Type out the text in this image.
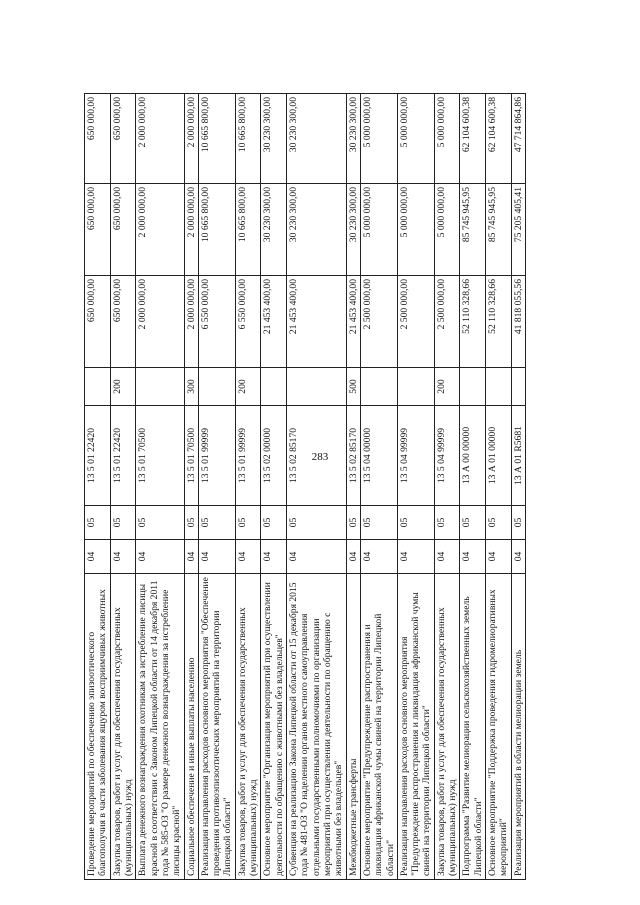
283
Проведение мероприятий по обеспечению эпизоотического благополучия в части заболевания ящуром восприимчивых животных	04	05	13 5 01 22420		650 000,00	650 000,00	650 000,00
Закупка товаров, работ и услуг для обеспечения государственных (муниципальных) нужд	04	05	13 5 01 22420	200	650 000,00	650 000,00	650 000,00
Выплата денежного вознаграждения охотникам за истребление лисицы красной в соответствии с Законом Липецкой области от 14 декабря 2011 года № 585-ОЗ "О размере денежного вознаграждения за истребление лисицы красной"	04	05	13 5 01 70500		2 000 000,00	2 000 000,00	2 000 000,00
Социальное обеспечение и иные выплаты населению	04	05	13 5 01 70500	300	2 000 000,00	2 000 000,00	2 000 000,00
Реализация направления расходов основного мероприятия "Обеспечение проведения противоэпизоотических мероприятий на территории Липецкой области"	04	05	13 5 01 99999		6 550 000,00	10 665 800,00	10 665 800,00
Закупка товаров, работ и услуг для обеспечения государственных (муниципальных) нужд	04	05	13 5 01 99999	200	6 550 000,00	10 665 800,00	10 665 800,00
Основное мероприятие "Организация мероприятий при осуществлении деятельности по обращению с животными без владельцев"	04	05	13 5 02 00000		21 453 400,00	30 230 300,00	30 230 300,00
Субвенция на реализацию Закона Липецкой области от 15 декабря 2015 года № 481-ОЗ "О наделении органов местного самоуправления отдельными государственными полномочиями по организации мероприятий при осуществлении деятельности по обращению с животными без владельцев"	04	05	13 5 02 85170		21 453 400,00	30 230 300,00	30 230 300,00
Межбюджетные трансферты	04	05	13 5 02 85170	500	21 453 400,00	30 230 300,00	30 230 300,00
Основное мероприятие "Предупреждение распространения и ликвидация африканской чумы свиней на территории Липецкой области"	04	05	13 5 04 00000		2 500 000,00	5 000 000,00	5 000 000,00
Реализация направления расходов основного мероприятия "Предупреждение распространения и ликвидация африканской чумы свиней на территории Липецкой области"	04	05	13 5 04 99999		2 500 000,00	5 000 000,00	5 000 000,00
Закупка товаров, работ и услуг для обеспечения государственных (муниципальных) нужд	04	05	13 5 04 99999	200	2 500 000,00	5 000 000,00	5 000 000,00
Подпрограмма "Развитие мелиорации сельскохозяйственных земель Липецкой области"	04	05	13 А 00 00000		52 110 328,66	85 745 945,95	62 104 600,38
Основное мероприятие "Поддержка проведения гидромелиоративных мероприятий"	04	05	13 А 01 00000		52 110 328,66	85 745 945,95	62 104 600,38
Реализация мероприятий в области мелиорации земель	04	05	13 А 01 R5681		41 818 055,56	75 205 405,41	47 714 864,86
